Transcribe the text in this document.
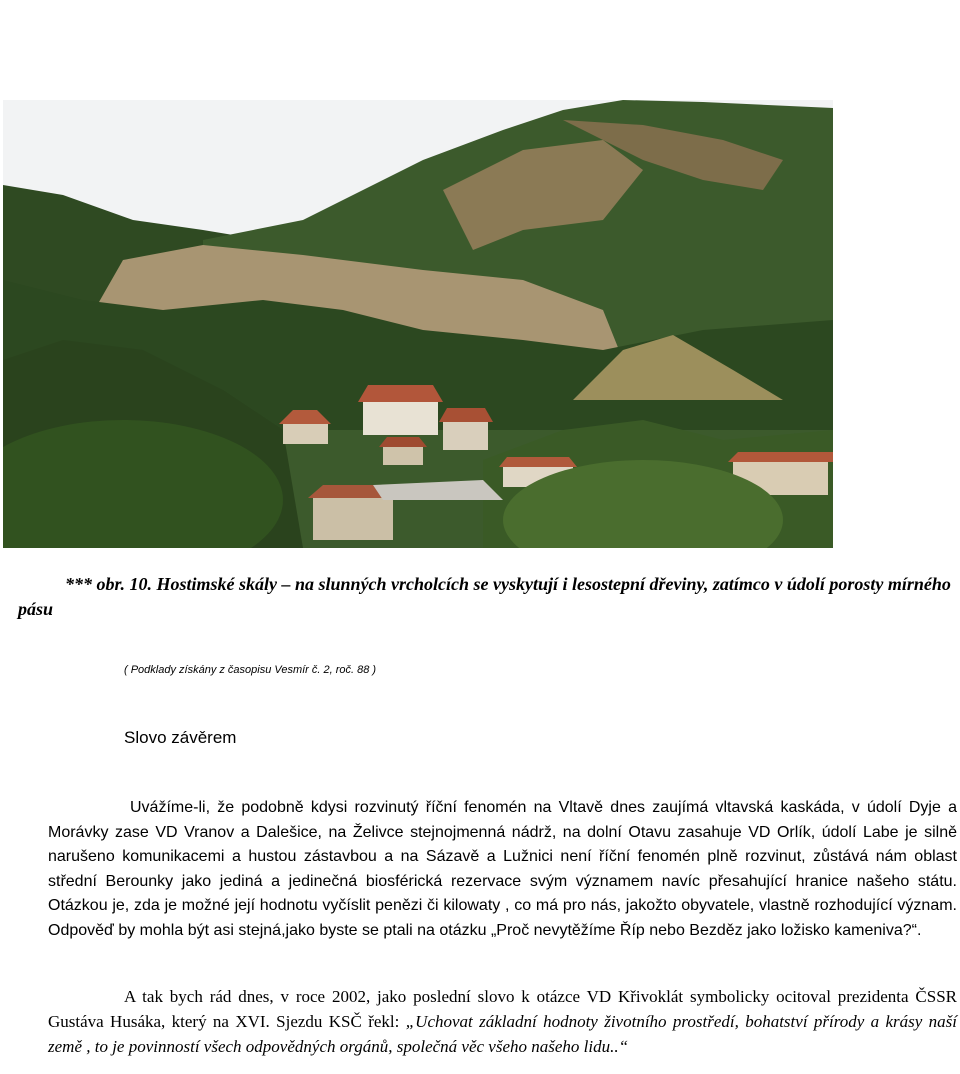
*** obr. 10. Hostimské skály – na slunných vrcholcích se vyskytují i lesostepní dřeviny, zatímco v údolí porosty mírného pásu
( Podklady získány z časopisu Vesmír č. 2, roč. 88 )
Slovo závěrem
Uvážíme-li, že podobně kdysi rozvinutý říční fenomén na Vltavě dnes zaujímá vltavská kaskáda, v údolí Dyje a Morávky zase VD Vranov a Dalešice, na Želivce stejnojmenná nádrž, na dolní Otavu zasahuje VD Orlík, údolí Labe je silně narušeno komunikacemi a hustou zástavbou a na Sázavě a Lužnici není říční fenomén plně rozvinut, zůstává nám oblast střední Berounky jako jediná a jedinečná biosférická rezervace svým významem navíc přesahující hranice našeho státu. Otázkou je, zda je možné její hodnotu vyčíslit penězi či kilowaty , co má pro nás, jakožto obyvatele, vlastně rozhodující význam. Odpověď by mohla být asi stejná,jako byste se ptali na otázku „Proč nevytěžíme Říp nebo Bezděz jako ložisko kameniva?“.
A tak bych rád dnes, v roce 2002, jako poslední slovo k otázce VD Křivoklát symbolicky ocitoval prezidenta ČSSR Gustáva Husáka, který na XVI. Sjezdu KSČ řekl: „Uchovat základní hodnoty životního prostředí, bohatství přírody a krásy naší země , to je povinností všech odpovědných orgánů, společná věc všeho našeho lidu..“
